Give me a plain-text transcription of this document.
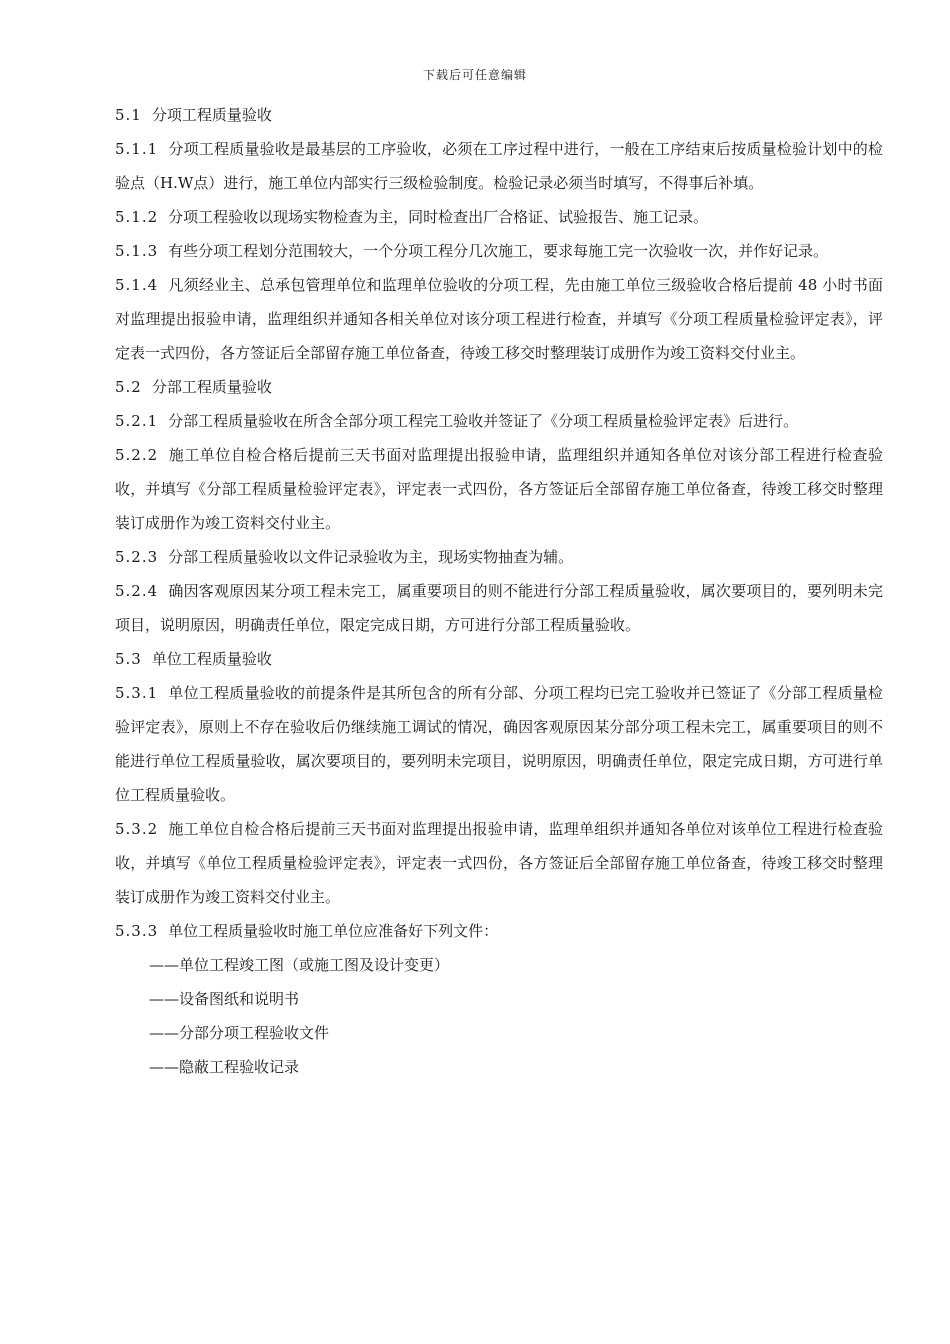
下载后可任意编辑

5.1 分项工程质量验收

5.1.1 分项工程质量验收是最基层的工序验收，必须在工序过程中进行，一般在工序结束后按质量检验计划中的检验点（H.W点）进行，施工单位内部实行三级检验制度。检验记录必须当时填写，不得事后补填。

5.1.2 分项工程验收以现场实物检查为主，同时检查出厂合格证、试验报告、施工记录。

5.1.3 有些分项工程划分范围较大，一个分项工程分几次施工，要求每施工完一次验收一次，并作好记录。

5.1.4 凡须经业主、总承包管理单位和监理单位验收的分项工程，先由施工单位三级验收合格后提前 48 小时书面对监理提出报验申请，监理组织并通知各相关单位对该分项工程进行检查，并填写《分项工程质量检验评定表》，评定表一式四份，各方签证后全部留存施工单位备查，待竣工移交时整理装订成册作为竣工资料交付业主。

5.2 分部工程质量验收

5.2.1 分部工程质量验收在所含全部分项工程完工验收并签证了《分项工程质量检验评定表》后进行。

5.2.2 施工单位自检合格后提前三天书面对监理提出报验申请，监理组织并通知各单位对该分部工程进行检查验收，并填写《分部工程质量检验评定表》，评定表一式四份，各方签证后全部留存施工单位备查，待竣工移交时整理装订成册作为竣工资料交付业主。

5.2.3 分部工程质量验收以文件记录验收为主，现场实物抽查为辅。

5.2.4 确因客观原因某分项工程未完工，属重要项目的则不能进行分部工程质量验收，属次要项目的，要列明未完项目，说明原因，明确责任单位，限定完成日期，方可进行分部工程质量验收。

5.3 单位工程质量验收

5.3.1 单位工程质量验收的前提条件是其所包含的所有分部、分项工程均已完工验收并已签证了《分部工程质量检验评定表》，原则上不存在验收后仍继续施工调试的情况，确因客观原因某分部分项工程未完工，属重要项目的则不能进行单位工程质量验收，属次要项目的，要列明未完项目，说明原因，明确责任单位，限定完成日期，方可进行单位工程质量验收。

5.3.2 施工单位自检合格后提前三天书面对监理提出报验申请，监理单组织并通知各单位对该单位工程进行检查验收，并填写《单位工程质量检验评定表》，评定表一式四份，各方签证后全部留存施工单位备查，待竣工移交时整理装订成册作为竣工资料交付业主。

5.3.3 单位工程质量验收时施工单位应准备好下列文件：

——单位工程竣工图（或施工图及设计变更）

——设备图纸和说明书

——分部分项工程验收文件

——隐蔽工程验收记录
